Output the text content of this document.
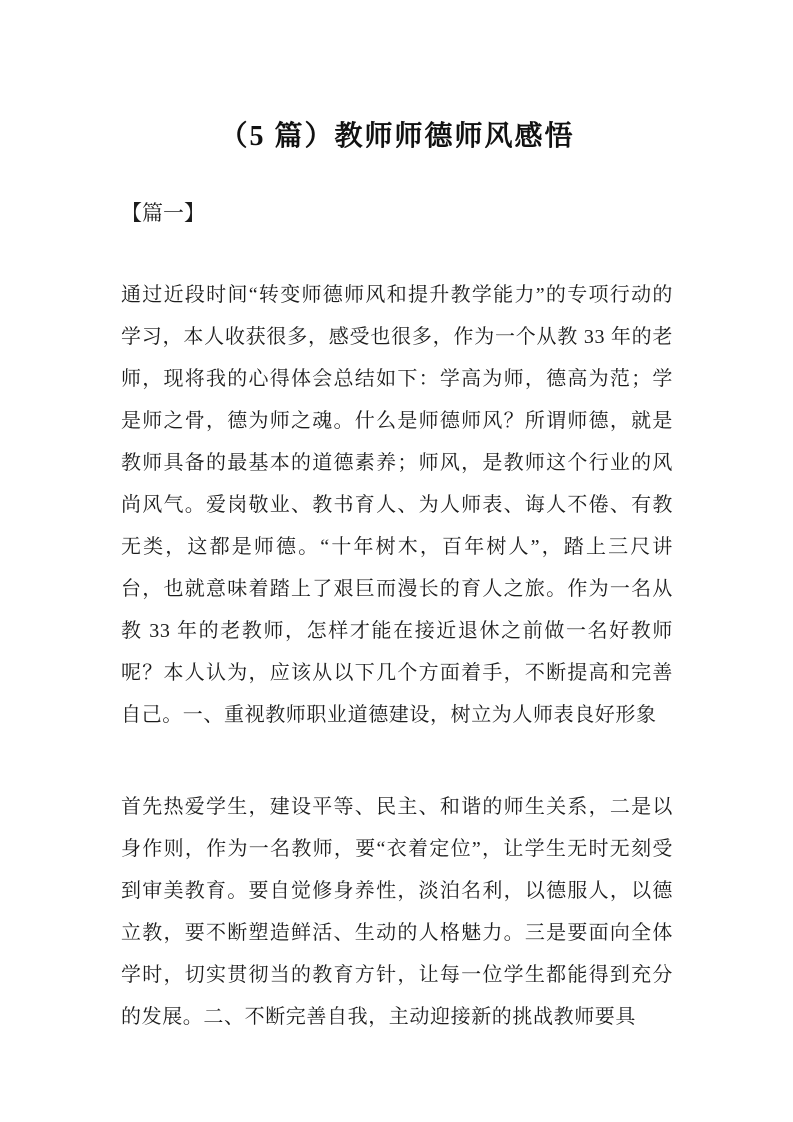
（5 篇）教师师德师风感悟
【篇一】

通过近段时间“转变师德师风和提升教学能力”的专项行动的学习，本人收获很多，感受也很多，作为一个从教 33 年的老师，现将我的心得体会总结如下：学高为师，德高为范；学是师之骨，德为师之魂。什么是师德师风？所谓师德，就是教师具备的最基本的道德素养；师风，是教师这个行业的风尚风气。爱岗敬业、教书育人、为人师表、诲人不倦、有教无类，这都是师德。“十年树木，百年树人”，踏上三尺讲台，也就意味着踏上了艰巨而漫长的育人之旅。作为一名从教 33 年的老教师，怎样才能在接近退休之前做一名好教师呢？本人认为，应该从以下几个方面着手，不断提高和完善自己。一、重视教师职业道德建设，树立为人师表良好形象

首先热爱学生，建设平等、民主、和谐的师生关系，二是以身作则，作为一名教师，要“衣着定位”，让学生无时无刻受到审美教育。要自觉修身养性，淡泊名利，以德服人，以德立教，要不断塑造鲜活、生动的人格魅力。三是要面向全体学时，切实贯彻当的教育方针，让每一位学生都能得到充分的发展。二、不断完善自我，主动迎接新的挑战教师要具
